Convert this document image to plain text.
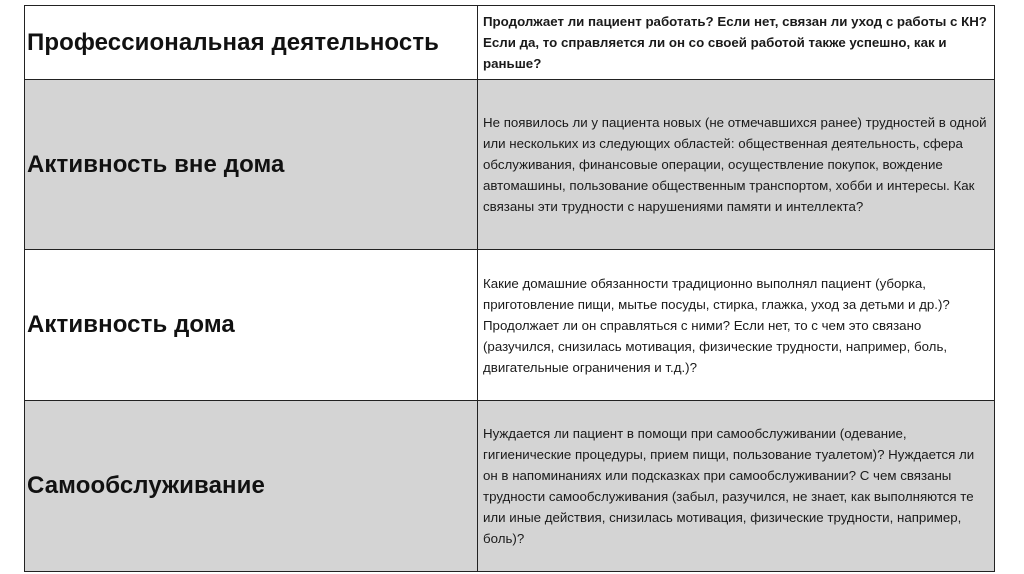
Профессиональная деятельность	Продолжает ли пациент работать? Если нет, связан ли уход с работы с КН? Если да, то справляется ли он со своей работой также успешно, как и раньше?

Активность вне дома	Не появилось ли у пациента новых (не отмечавшихся ранее) трудностей в одной или нескольких из следующих областей: общественная деятельность, сфера обслуживания, финансовые операции, осуществление покупок, вождение автомашины, пользование общественным транспортом, хобби и интересы. Как связаны эти трудности с нарушениями памяти и интеллекта?

Активность дома	Какие домашние обязанности традиционно выполнял пациент (уборка, приготовление пищи, мытье посуды, стирка, глажка, уход за детьми и др.)? Продолжает ли он справляться с ними? Если нет, то с чем это связано (разучился, снизилась мотивация, физические трудности, например, боль, двигательные ограничения и т.д.)?

Самообслуживание	Нуждается ли пациент в помощи при самообслуживании (одевание, гигиенические процедуры, прием пищи, пользование туалетом)? Нуждается ли он в напоминаниях или подсказках при самообслуживании? С чем связаны трудности самообслуживания (забыл, разучился, не знает, как выполняются те или иные действия, снизилась мотивация, физические трудности, например, боль)?
